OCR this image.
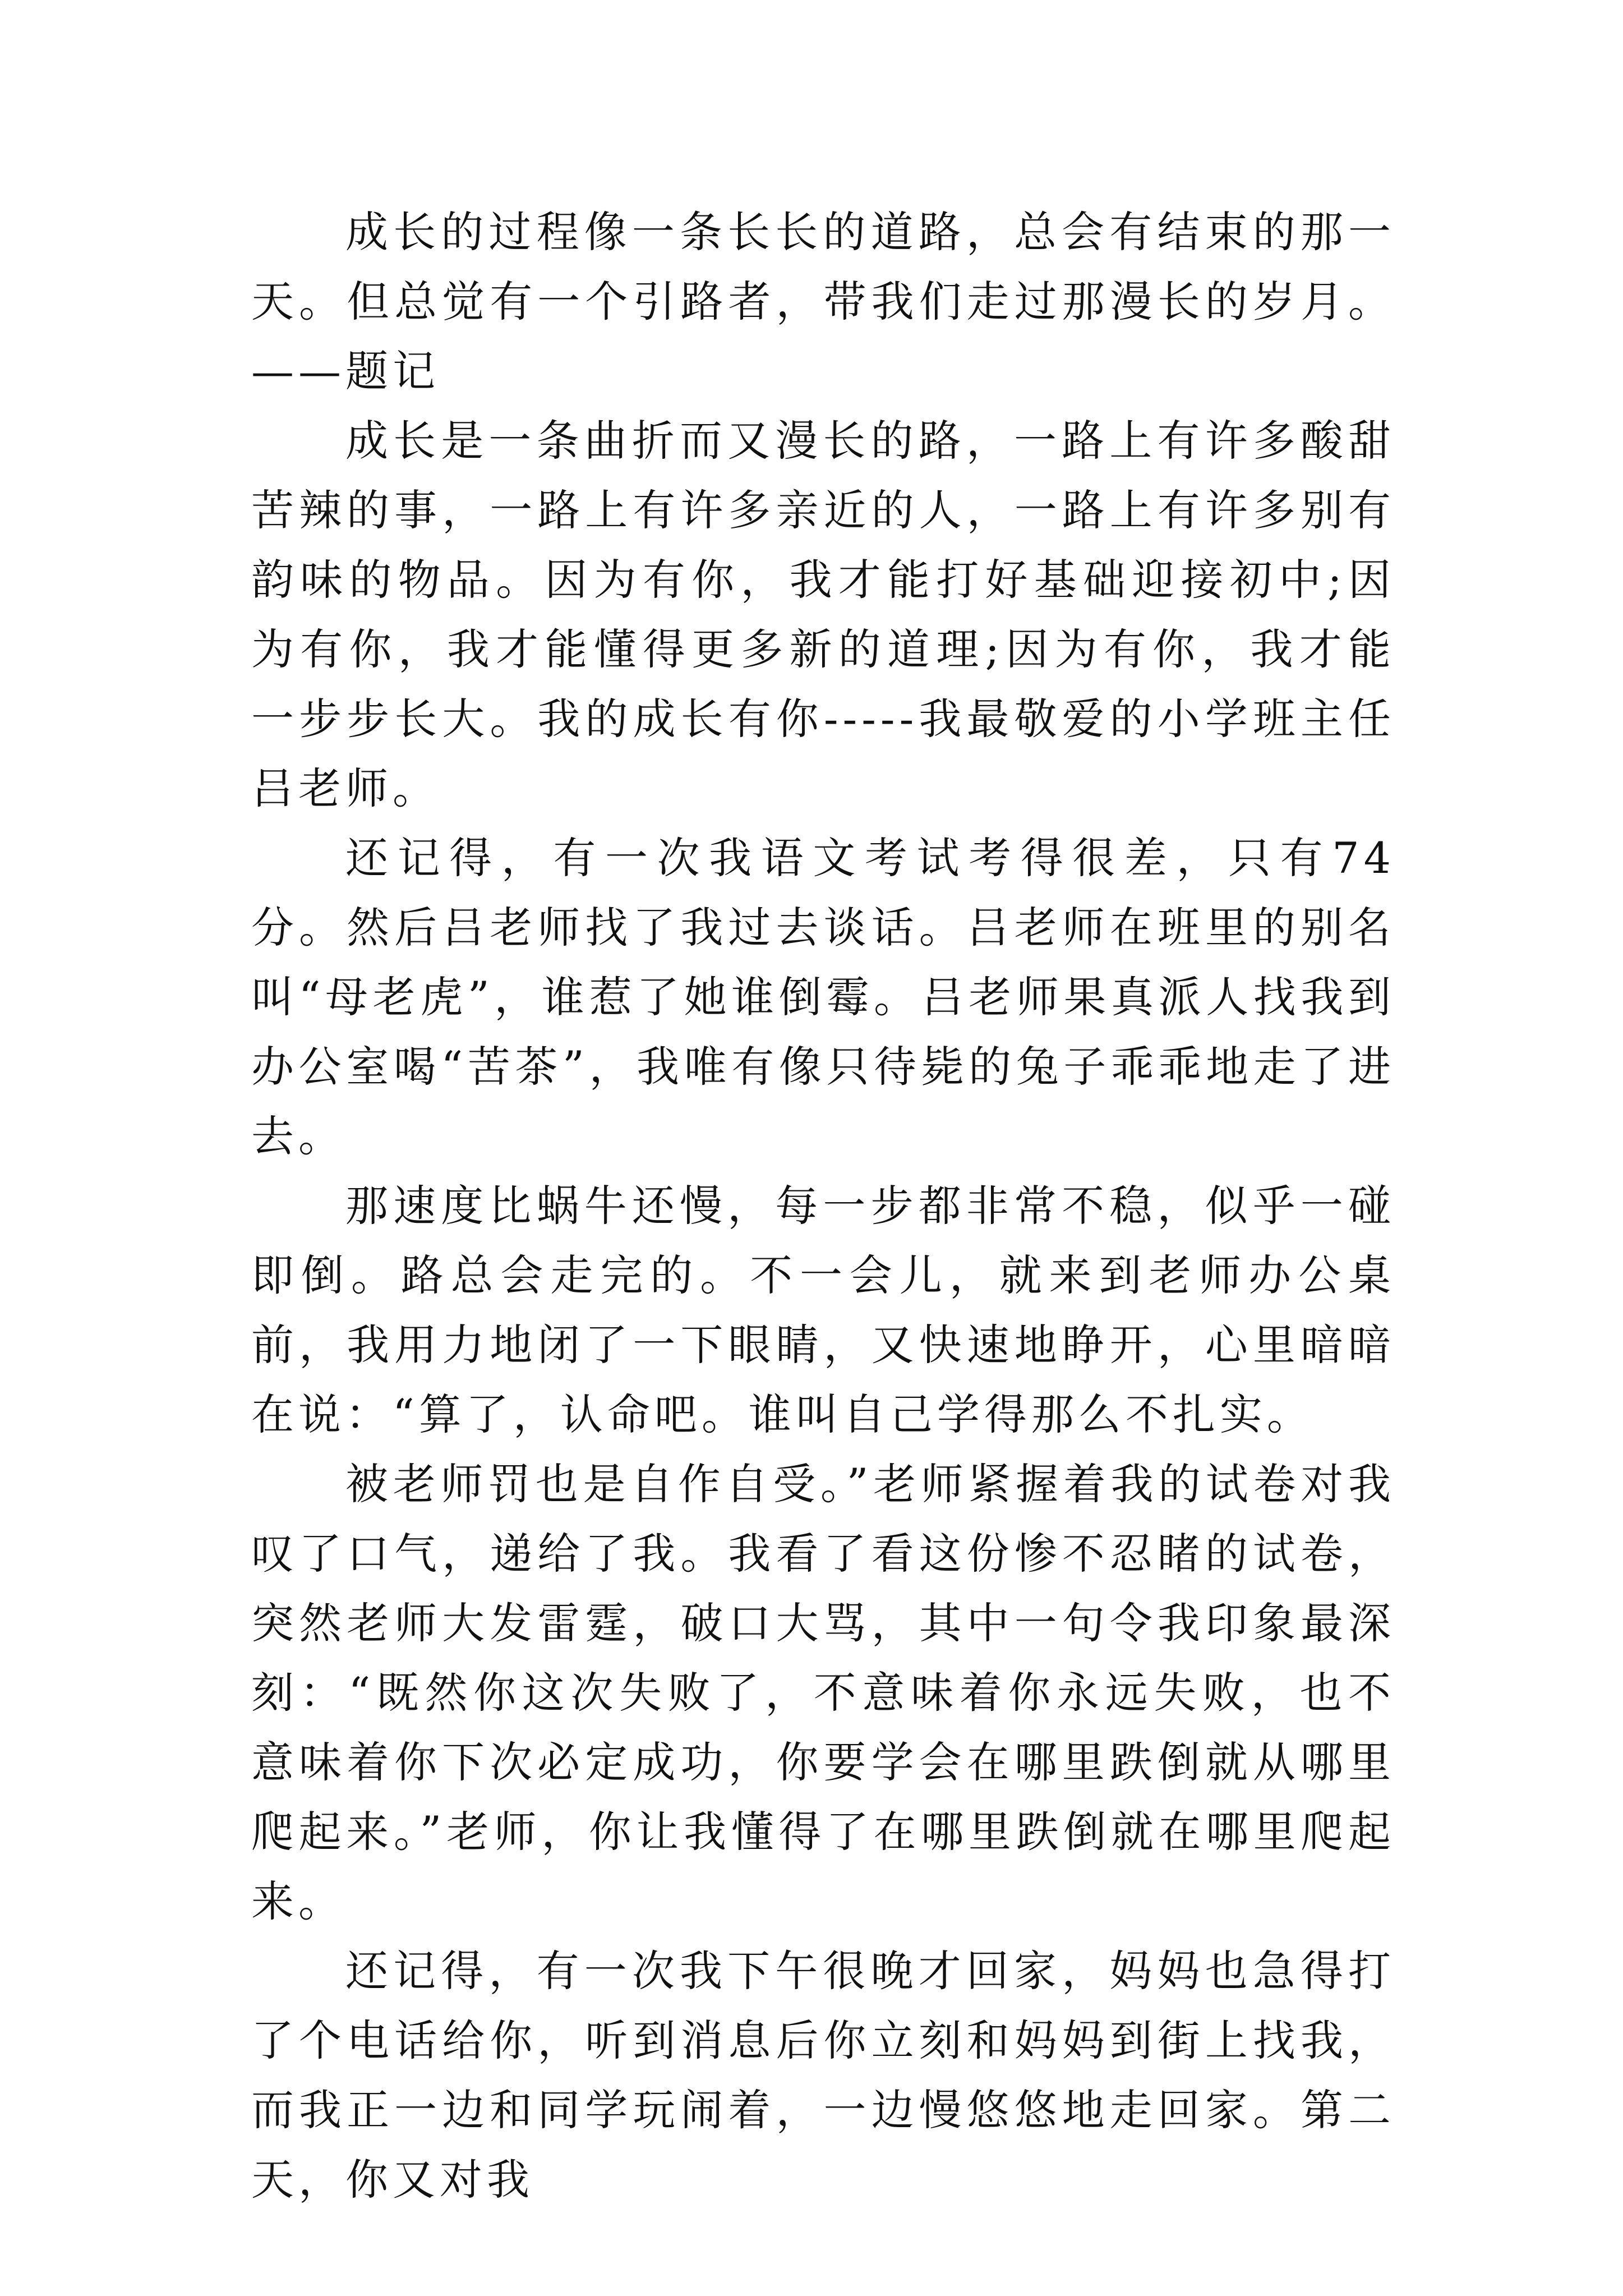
成长的过程像一条长长的道路，总会有结束的那一天。但总觉有一个引路者，带我们走过那漫长的岁月。——题记

成长是一条曲折而又漫长的路，一路上有许多酸甜苦辣的事，一路上有许多亲近的人，一路上有许多别有韵味的物品。因为有你，我才能打好基础迎接初中;因为有你，我才能懂得更多新的道理;因为有你，我才能一步步长大。我的成长有你-----我最敬爱的小学班主任吕老师。

还记得，有一次我语文考试考得很差，只有74分。然后吕老师找了我过去谈话。吕老师在班里的别名叫“母老虎”，谁惹了她谁倒霉。吕老师果真派人找我到办公室喝“苦茶”，我唯有像只待毙的兔子乖乖地走了进去。

那速度比蜗牛还慢，每一步都非常不稳，似乎一碰即倒。路总会走完的。不一会儿，就来到老师办公桌前，我用力地闭了一下眼睛，又快速地睁开，心里暗暗在说：“算了，认命吧。谁叫自己学得那么不扎实。

被老师罚也是自作自受。”老师紧握着我的试卷对我叹了口气，递给了我。我看了看这份惨不忍睹的试卷，突然老师大发雷霆，破口大骂，其中一句令我印象最深刻：“既然你这次失败了，不意味着你永远失败，也不意味着你下次必定成功，你要学会在哪里跌倒就从哪里爬起来。”老师，你让我懂得了在哪里跌倒就在哪里爬起来。

还记得，有一次我下午很晚才回家，妈妈也急得打了个电话给你，听到消息后你立刻和妈妈到街上找我，而我正一边和同学玩闹着，一边慢悠悠地走回家。第二天，你又对我
